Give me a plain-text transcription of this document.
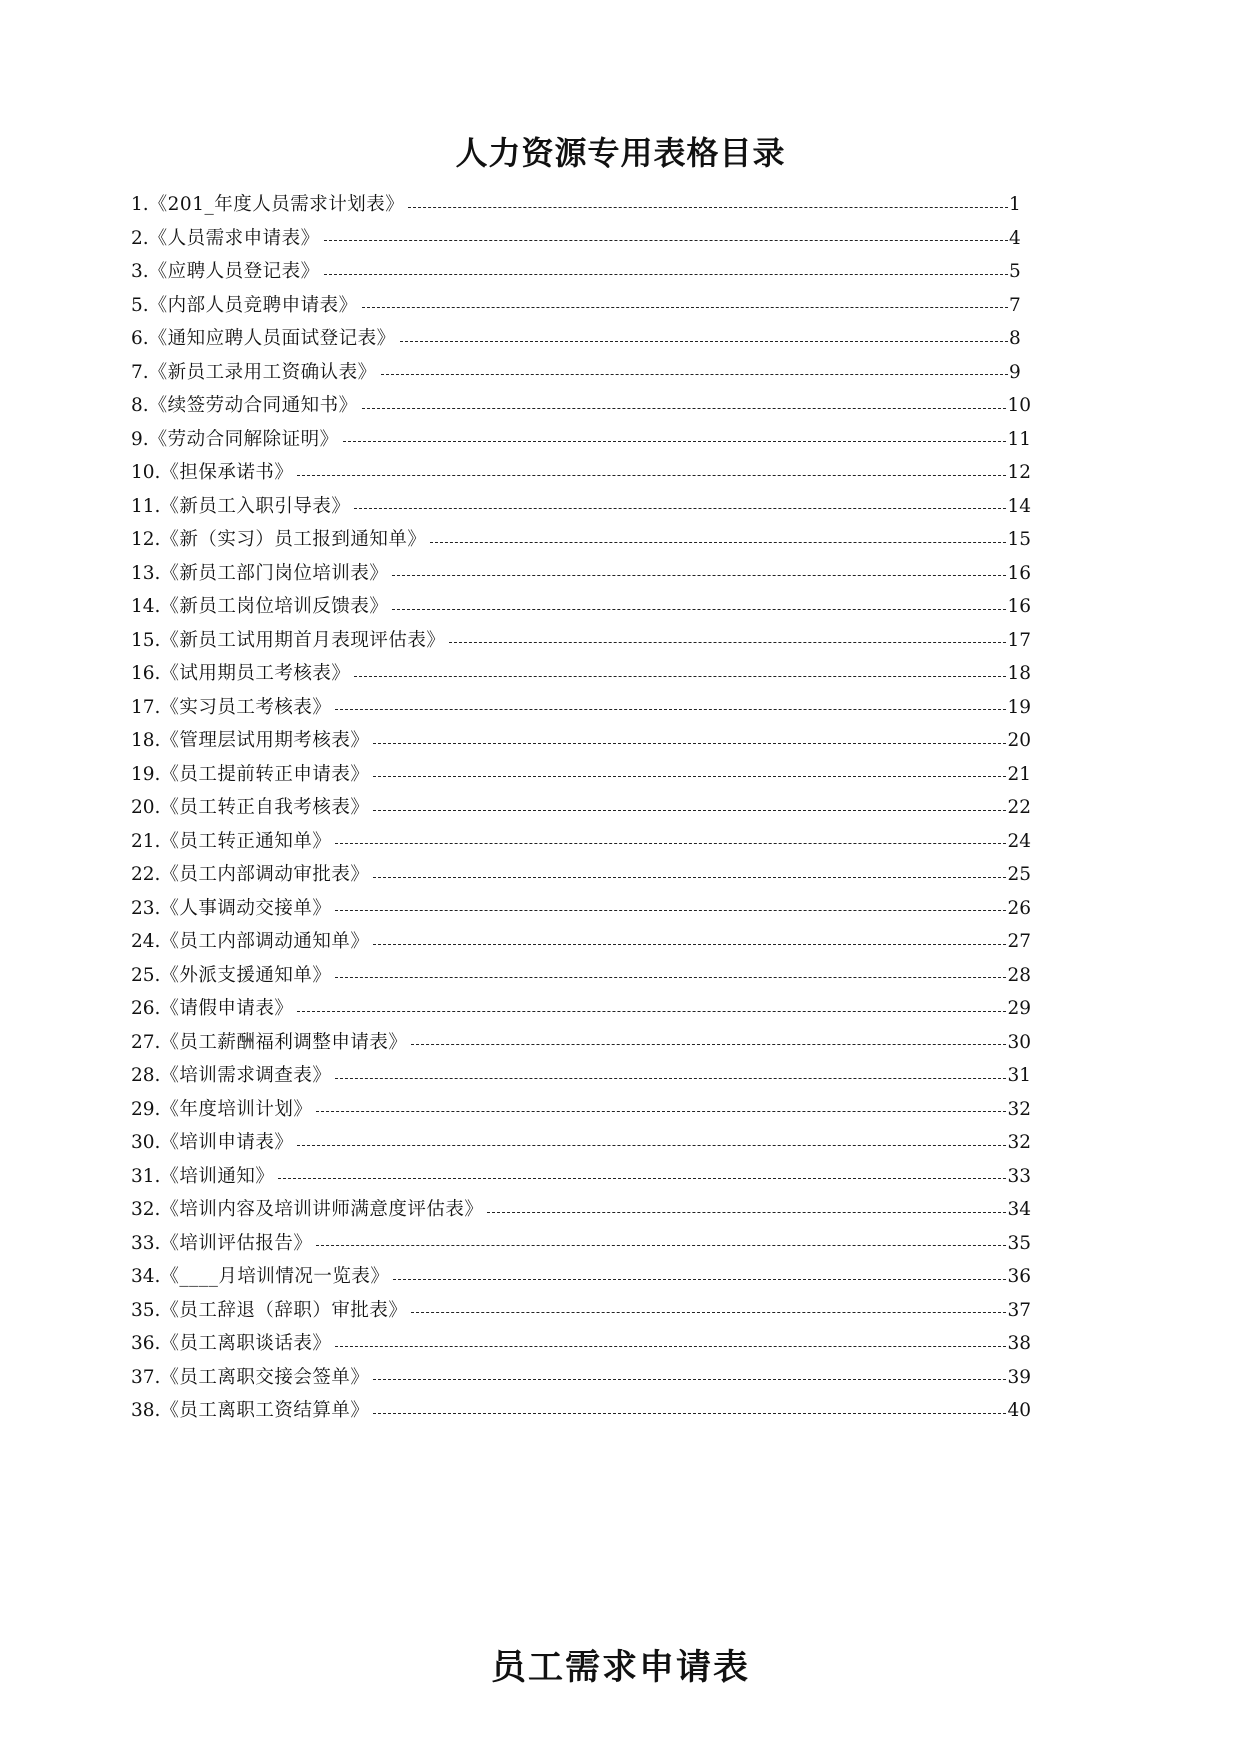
人力资源专用表格目录
1. 《201_年度人员需求计划表》	1
2. 《人员需求申请表》	4
3. 《应聘人员登记表》	5
5. 《内部人员竞聘申请表》	7
6. 《通知应聘人员面试登记表》	8
7. 《新员工录用工资确认表》	9
8. 《续签劳动合同通知书》	10
9. 《劳动合同解除证明》	11
10. 《担保承诺书》	12
11. 《新员工入职引导表》	14
12. 《新（实习）员工报到通知单》	15
13. 《新员工部门岗位培训表》	16
14. 《新员工岗位培训反馈表》	16
15. 《新员工试用期首月表现评估表》	17
16. 《试用期员工考核表》	18
17. 《实习员工考核表》	19
18. 《管理层试用期考核表》	20
19. 《员工提前转正申请表》	21
20. 《员工转正自我考核表》	22
21. 《员工转正通知单》	24
22. 《员工内部调动审批表》	25
23. 《人事调动交接单》	26
24. 《员工内部调动通知单》	27
25. 《外派支援通知单》	28
26. 《请假申请表》	29
27. 《员工薪酬福利调整申请表》	30
28. 《培训需求调查表》	31
29. 《年度培训计划》	32
30. 《培训申请表》	32
31. 《培训通知》	33
32. 《培训内容及培训讲师满意度评估表》	34
33. 《培训评估报告》	35
34. 《____月培训情况一览表》	36
35. 《员工辞退（辞职）审批表》	37
36. 《员工离职谈话表》	38
37. 《员工离职交接会签单》	39
38. 《员工离职工资结算单》	40
员工需求申请表
